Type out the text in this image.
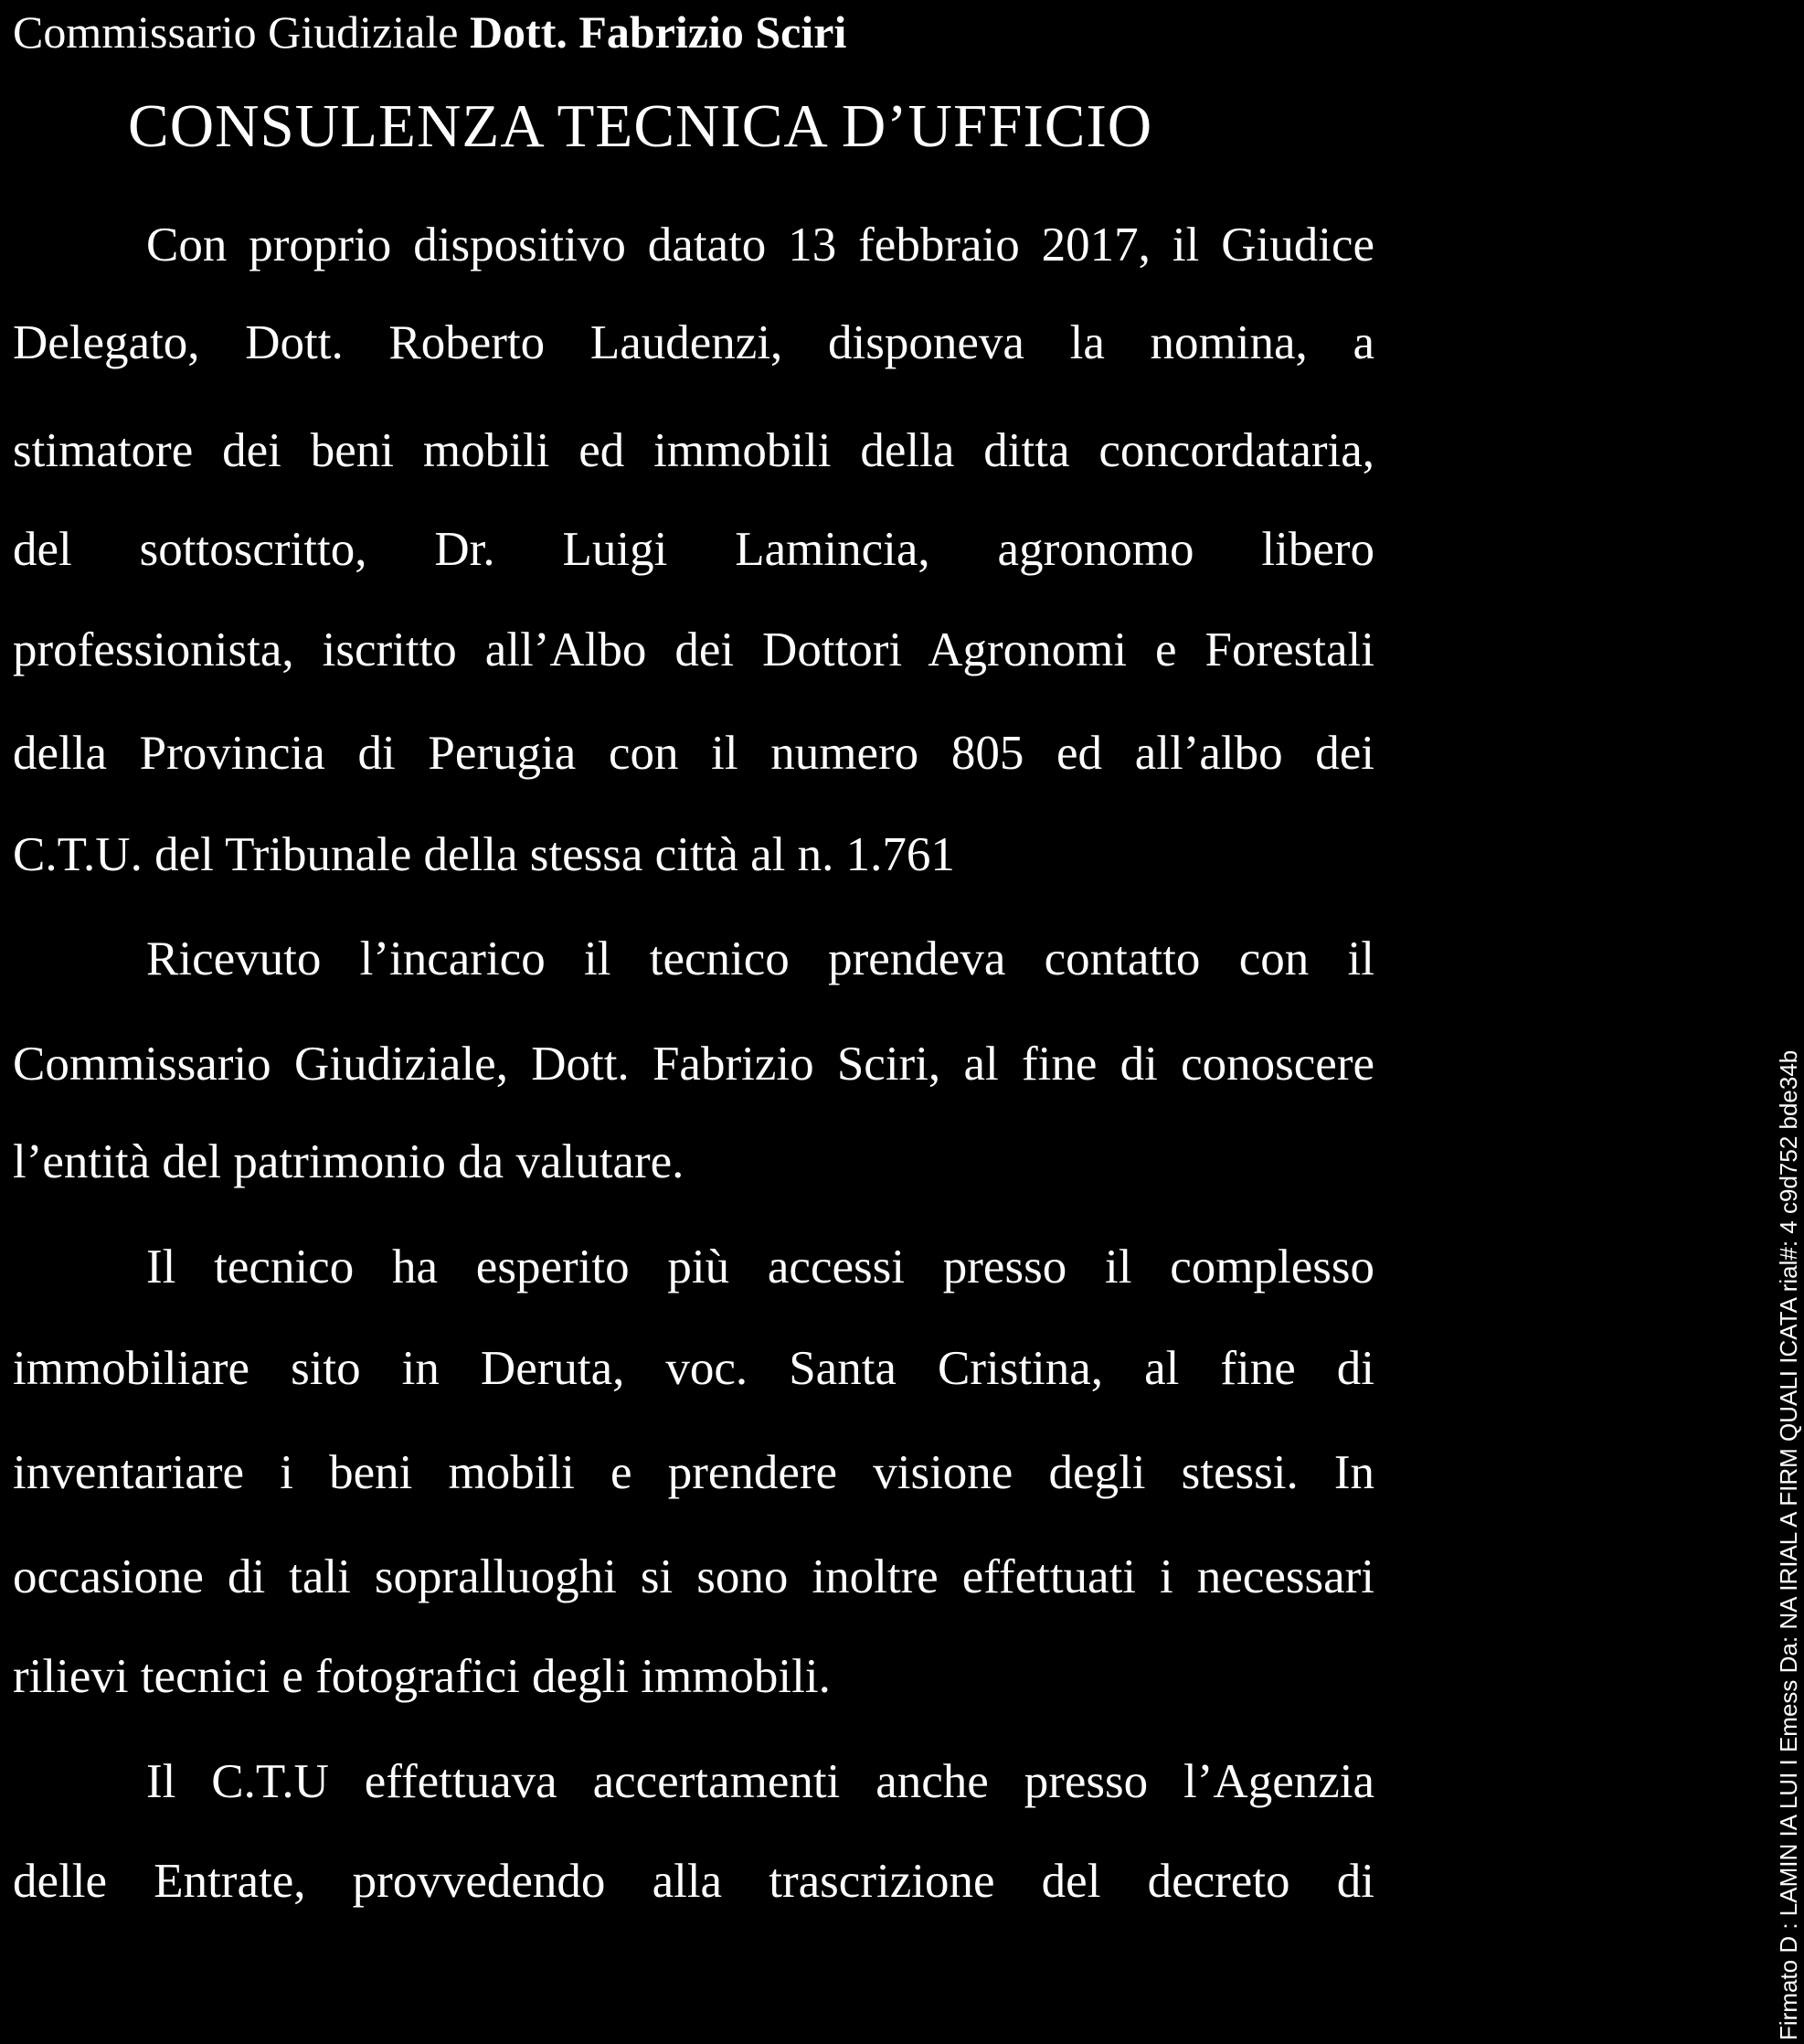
Commissario Giudiziale Dott. Fabrizio Sciri
CONSULENZA TECNICA D’UFFICIO
Con proprio dispositivo datato 13 febbraio 2017, il Giudice
Delegato, Dott. Roberto Laudenzi, disponeva la nomina, a
stimatore dei beni mobili ed immobili della ditta concordataria,
del sottoscritto, Dr. Luigi Lamincia, agronomo libero
professionista, iscritto all’Albo dei Dottori Agronomi e Forestali
della Provincia di Perugia con il numero 805 ed all’albo dei
C.T.U. del Tribunale della stessa città al n. 1.761
Ricevuto l’incarico il tecnico prendeva contatto con il
Commissario Giudiziale, Dott. Fabrizio Sciri, al fine di conoscere
l’entità del patrimonio da valutare.
Il tecnico ha esperito più accessi presso il complesso
immobiliare sito in Deruta, voc. Santa Cristina, al fine di
inventariare i beni mobili e prendere visione degli stessi. In
occasione di tali sopralluoghi si sono inoltre effettuati i necessari
rilievi tecnici e fotografici degli immobili.
Il C.T.U effettuava accertamenti anche presso l’Agenzia
delle Entrate, provvedendo alla trascrizione del decreto di	Firmato D : LAMIN IA LUI I Emess Da: NA IRIAL A FIRM QUALI ICATA rial#: 4 c9d752 bde34b
